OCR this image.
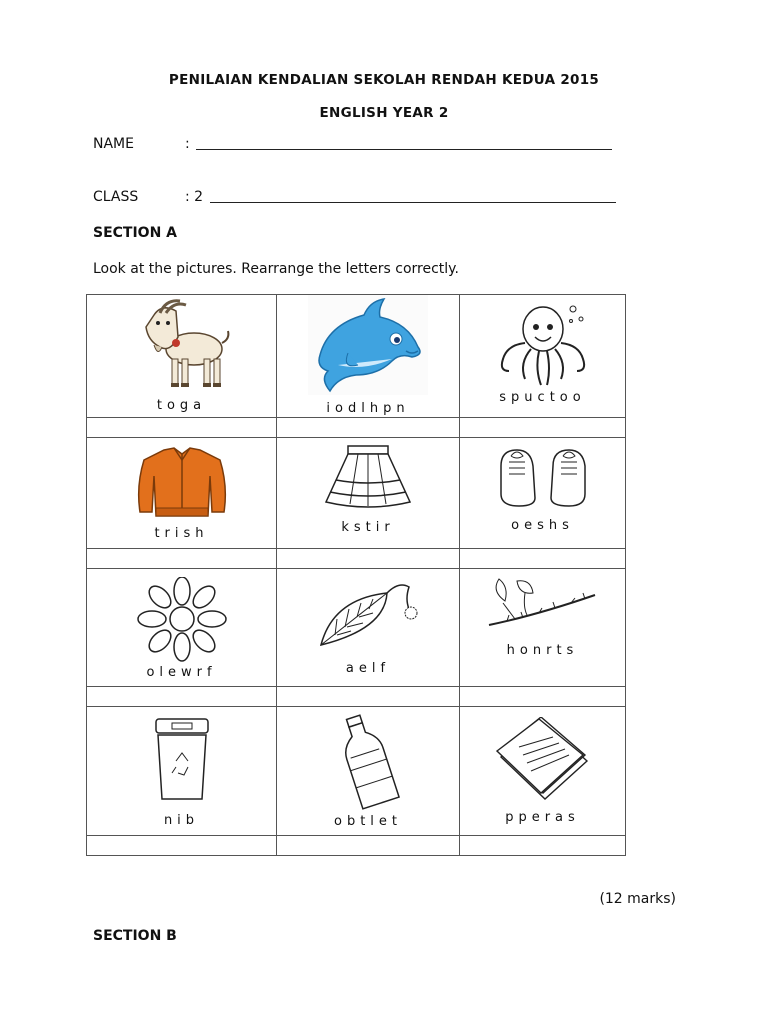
PENILAIAN KENDALIAN SEKOLAH RENDAH KEDUA 2015
ENGLISH YEAR 2
NAME	:
CLASS	: 2
SECTION A
Look at the pictures. Rearrange the letters correctly.
toga	iodlhpn	spuctoo

trish	kstir	oeshs

olewrf	aelf	honrts

nib	obtlet	pperas

(12 marks)
SECTION B
